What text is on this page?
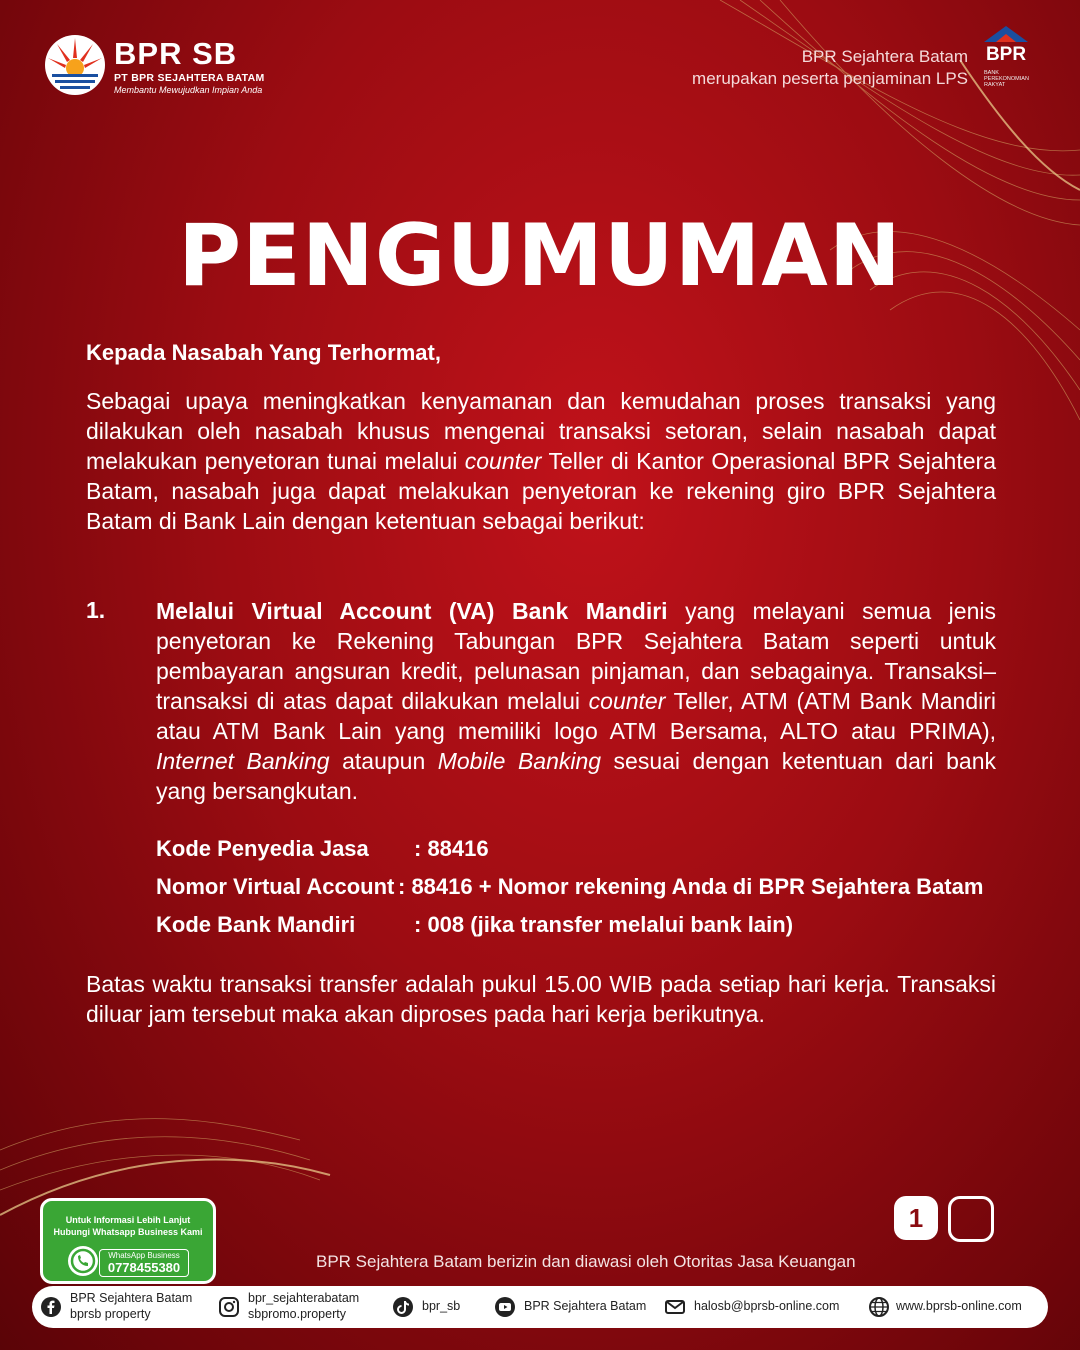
BPR SB
PT BPR SEJAHTERA BATAM
Membantu Mewujudkan Impian Anda
BPR Sejahtera Batam
merupakan peserta penjaminan LPS
BPR
BANK PEREKONOMIAN RAKYAT
PENGUMUMAN
Kepada Nasabah Yang Terhormat,
Sebagai upaya meningkatkan kenyamanan dan kemudahan proses transaksi yang dilakukan oleh nasabah khusus mengenai transaksi setoran, selain nasabah dapat melakukan penyetoran tunai melalui counter Teller di Kantor Operasional BPR Sejahtera Batam, nasabah juga dapat melakukan penyetoran ke rekening giro BPR Sejahtera Batam di Bank Lain dengan ketentuan sebagai berikut:
1. Melalui Virtual Account (VA) Bank Mandiri yang melayani semua jenis penyetoran ke Rekening Tabungan BPR Sejahtera Batam seperti untuk pembayaran angsuran kredit, pelunasan pinjaman, dan sebagainya. Transaksi–transaksi di atas dapat dilakukan melalui counter Teller, ATM (ATM Bank Mandiri atau ATM Bank Lain yang memiliki logo ATM Bersama, ALTO atau PRIMA), Internet Banking ataupun Mobile Banking sesuai dengan ketentuan dari bank yang bersangkutan.
Kode Penyedia Jasa : 88416
Nomor Virtual Account : 88416 + Nomor rekening Anda di BPR Sejahtera Batam
Kode Bank Mandiri	: 008 (jika transfer melalui bank lain)
Batas waktu transaksi transfer adalah pukul 15.00 WIB pada setiap hari kerja. Transaksi diluar jam tersebut maka akan diproses pada hari kerja berikutnya.
Untuk Informasi Lebih Lanjut
Hubungi Whatsapp Business Kami
WhatsApp Business
0778455380
1
BPR Sejahtera Batam berizin dan diawasi oleh Otoritas Jasa Keuangan
BPR Sejahtera Batam
bprsb property
bpr_sejahterabatam
sbpromo.property
bpr_sb	BPR Sejahtera Batam	halosb@bprsb-online.com	www.bprsb-online.com
